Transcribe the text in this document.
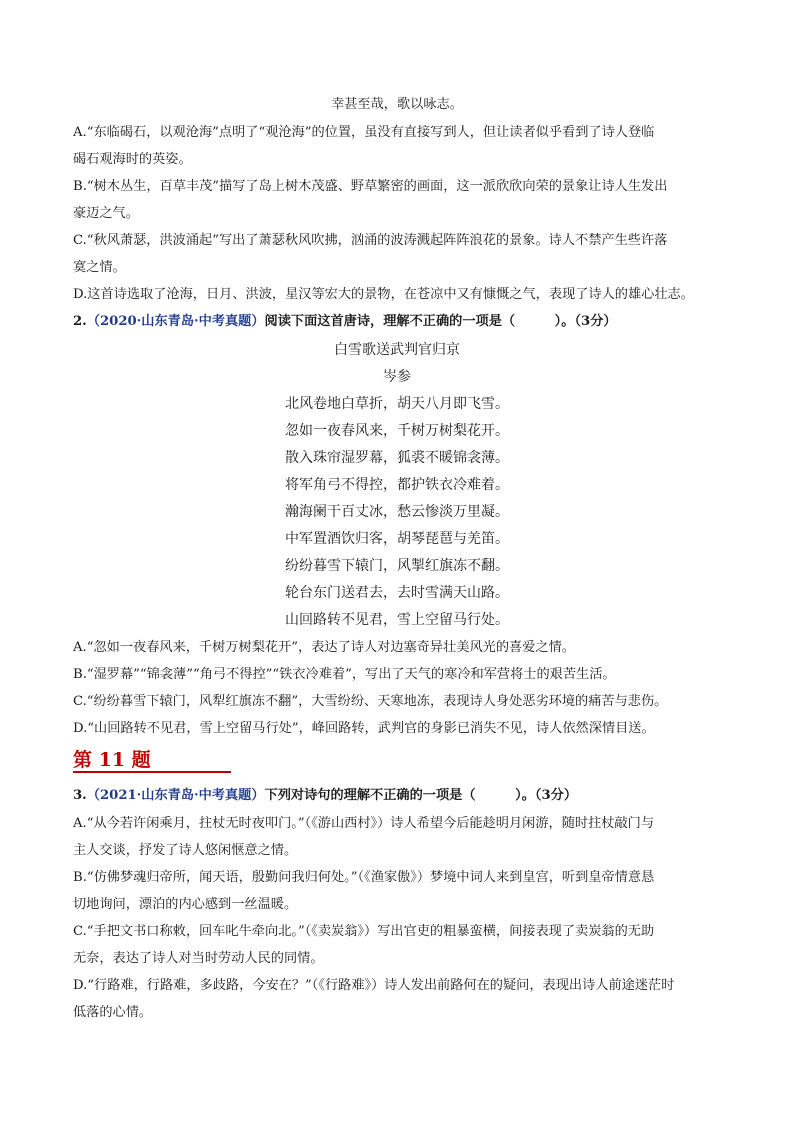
幸甚至哉，歌以咏志。
A.“东临碣石，以观沧海”点明了“观沧海”的位置，虽没有直接写到人，但让读者似乎看到了诗人登临
碣石观海时的英姿。
B.“树木丛生，百草丰茂”描写了岛上树木茂盛、野草繁密的画面，这一派欣欣向荣的景象让诗人生发出
豪迈之气。
C.“秋风萧瑟，洪波涌起”写出了萧瑟秋风吹拂，汹涌的波涛溅起阵阵浪花的景象。诗人不禁产生些许落
寞之情。
D.这首诗选取了沧海，日月、洪波，星汉等宏大的景物，在苍凉中又有慷慨之气，表现了诗人的雄心壮志。
2.（2020·山东青岛·中考真题）阅读下面这首唐诗，理解不正确的一项是（　　　）。（3分）
白雪歌送武判官归京
岑参
北风卷地白草折，胡天八月即飞雪。
忽如一夜春风来，千树万树梨花开。
散入珠帘湿罗幕，狐裘不暖锦衾薄。
将军角弓不得控，都护铁衣冷难着。
瀚海阑干百丈冰，愁云惨淡万里凝。
中军置酒饮归客，胡琴琵琶与羌笛。
纷纷暮雪下辕门，风掣红旗冻不翻。
轮台东门送君去，去时雪满天山路。
山回路转不见君，雪上空留马行处。
A.“忽如一夜春风来，千树万树梨花开”，表达了诗人对边塞奇异壮美风光的喜爱之情。
B.“湿罗幕”“锦衾薄”“角弓不得控”“铁衣冷难着”，写出了天气的寒冷和军营将士的艰苦生活。
C.“纷纷暮雪下辕门，风犁红旗冻不翻”，大雪纷纷、天寒地冻，表现诗人身处恶劣环境的痛苦与悲伤。
D.“山回路转不见君，雪上空留马行处”，峰回路转，武判官的身影已消失不见，诗人依然深情目送。
第 11 题
3.（2021·山东青岛·中考真题）下列对诗句的理解不正确的一项是（　　　）。（3分）
A.“从今若许闲乘月，拄杖无时夜叩门。”（《游山西村》）诗人希望今后能趁明月闲游，随时拄杖敲门与
主人交谈，抒发了诗人悠闲惬意之情。
B.“仿佛梦魂归帝所，闻天语，殷勤问我归何处。”（《渔家傲》）梦境中词人来到皇宫，听到皇帝情意恳
切地询问，漂泊的内心感到一丝温暖。
C.“手把文书口称敕，回车叱牛牵向北。”（《卖炭翁》）写出官吏的粗暴蛮横，间接表现了卖炭翁的无助
无奈，表达了诗人对当时劳动人民的同情。
D.“行路难，行路难，多歧路，今安在？”（《行路难》）诗人发出前路何在的疑问，表现出诗人前途迷茫时
低落的心情。
